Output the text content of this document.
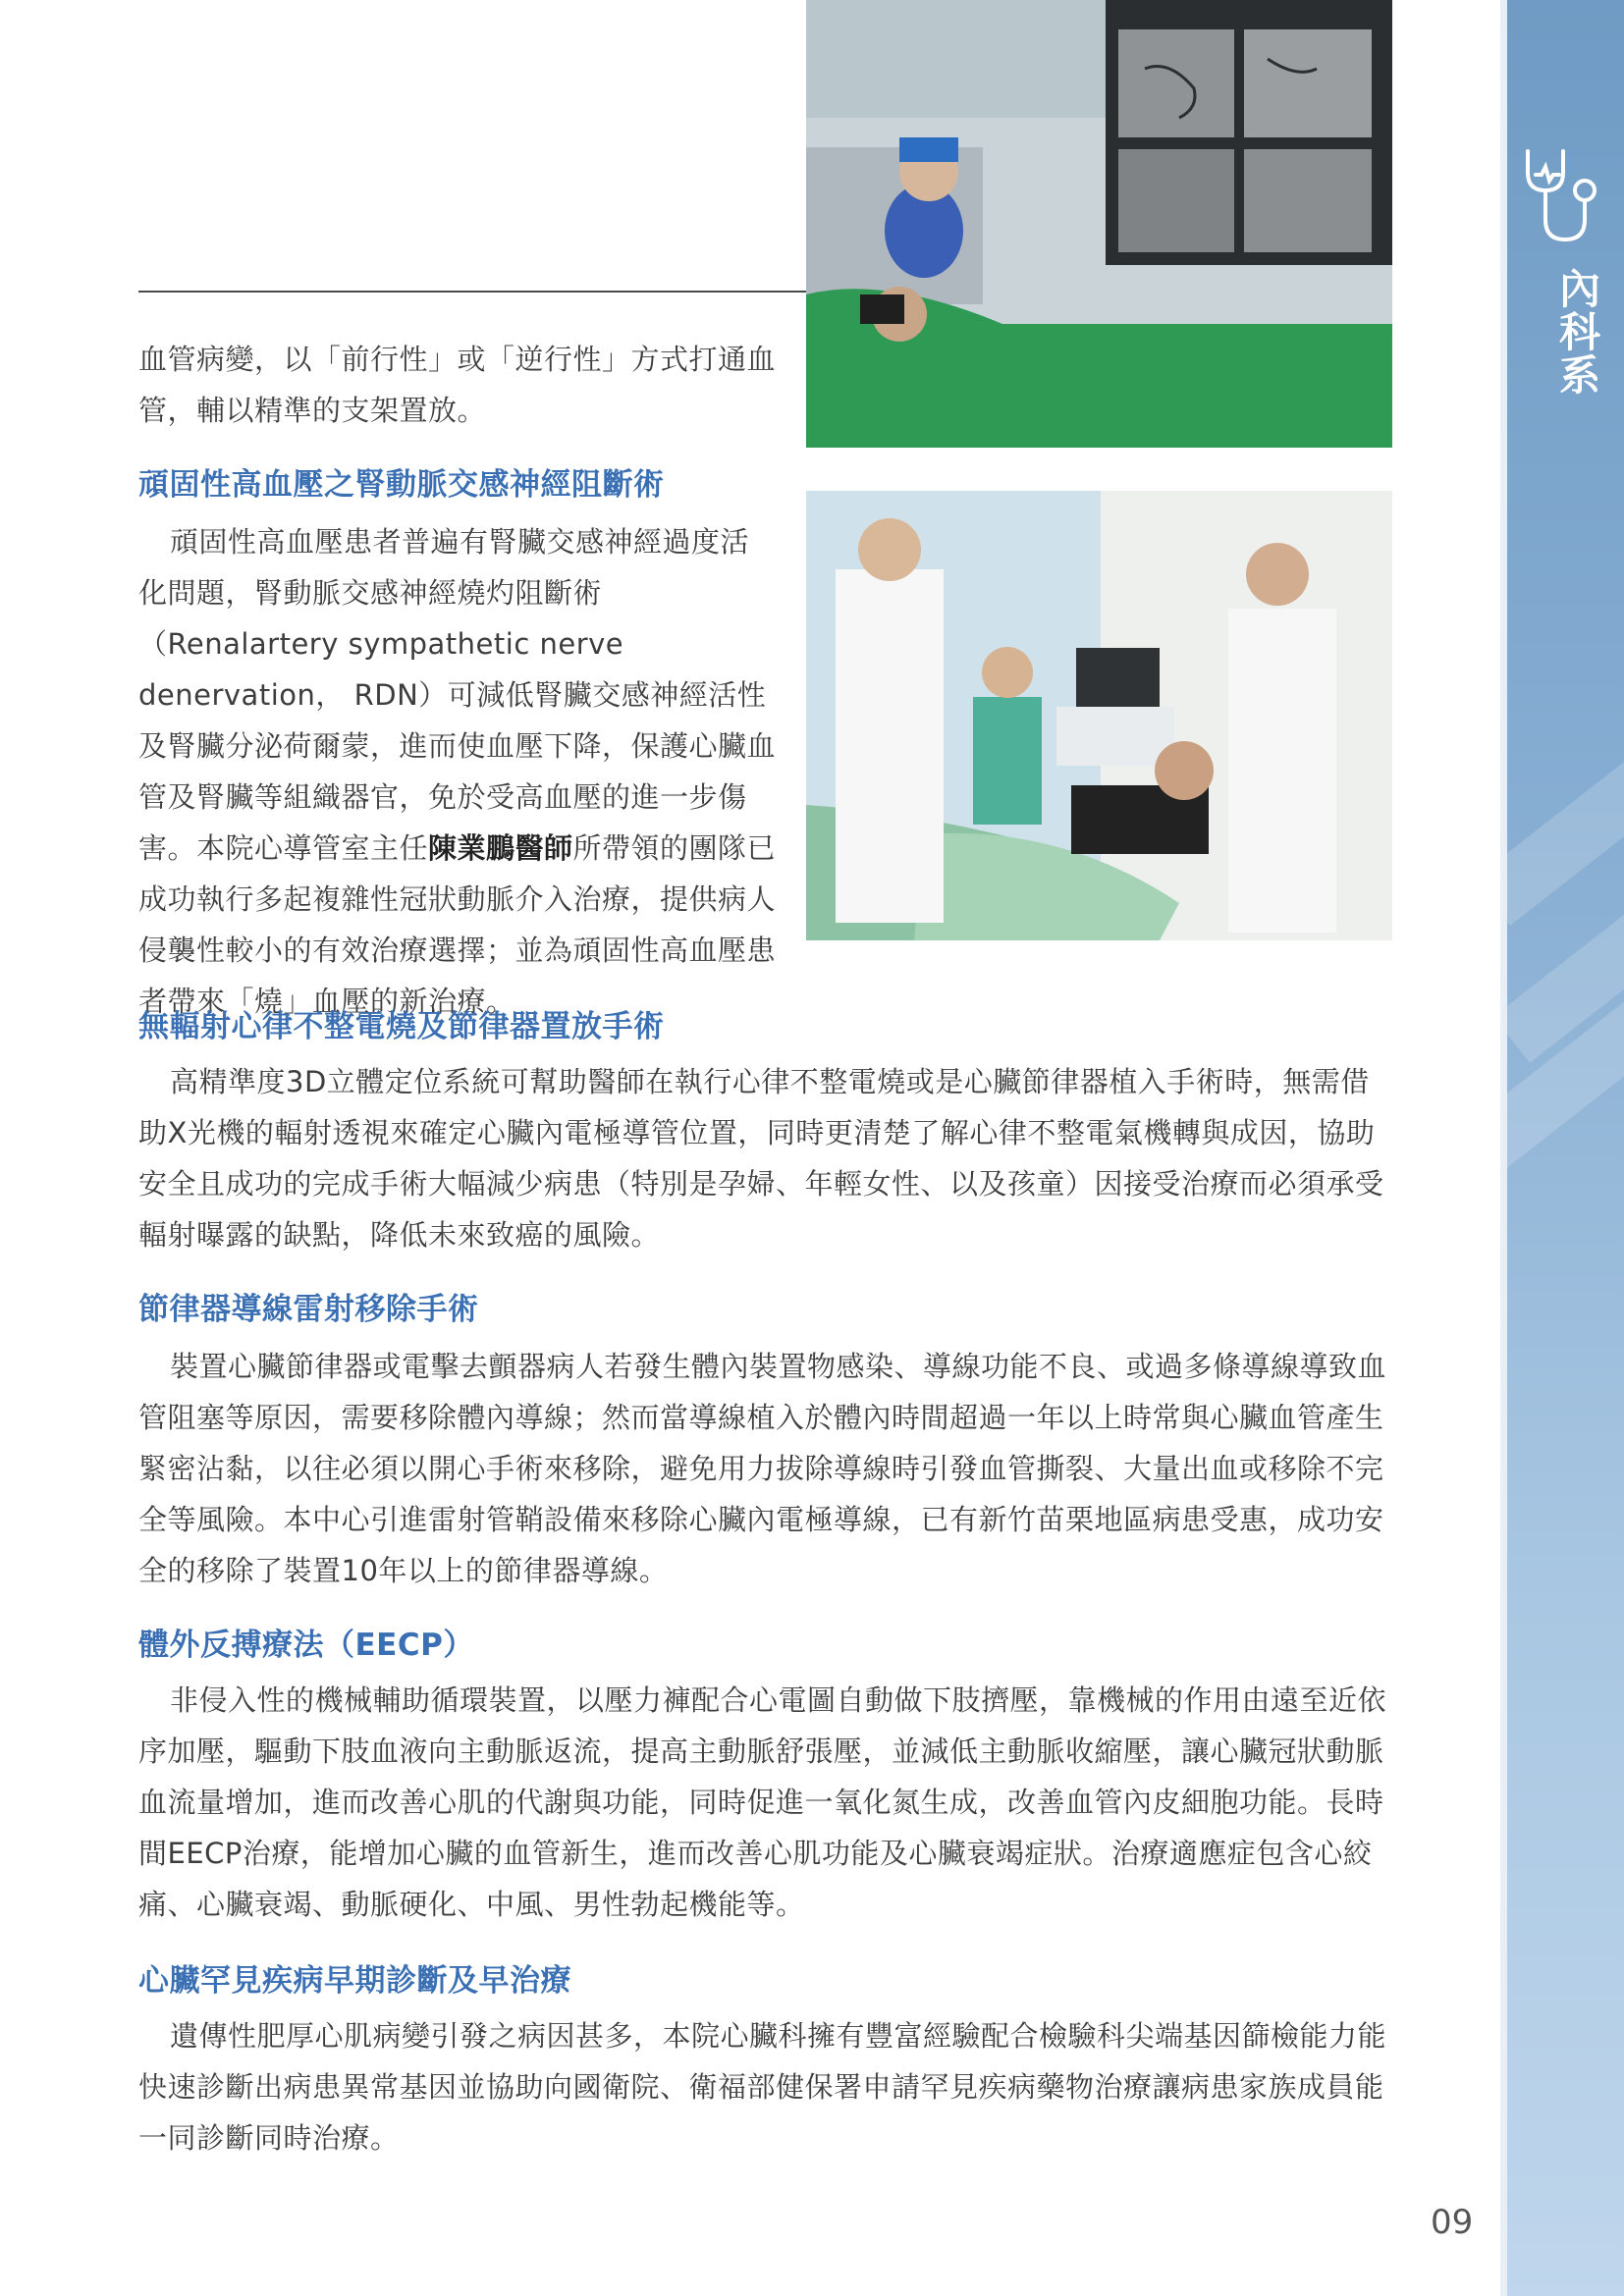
內科系
血管病變，以「前行性」或「逆行性」方式打通血管，輔以精準的支架置放。
頑固性高血壓之腎動脈交感神經阻斷術
頑固性高血壓患者普遍有腎臟交感神經過度活化問題，腎動脈交感神經燒灼阻斷術（Renalartery sympathetic nerve denervation， RDN）可減低腎臟交感神經活性及腎臟分泌荷爾蒙，進而使血壓下降，保護心臟血管及腎臟等組織器官，免於受高血壓的進一步傷害。本院心導管室主任陳業鵬醫師所帶領的團隊已成功執行多起複雜性冠狀動脈介入治療，提供病人侵襲性較小的有效治療選擇；並為頑固性高血壓患者帶來「燒」血壓的新治療。
無輻射心律不整電燒及節律器置放手術
高精準度3D立體定位系統可幫助醫師在執行心律不整電燒或是心臟節律器植入手術時，無需借助X光機的輻射透視來確定心臟內電極導管位置，同時更清楚了解心律不整電氣機轉與成因，協助安全且成功的完成手術大幅減少病患（特別是孕婦、年輕女性、以及孩童）因接受治療而必須承受輻射曝露的缺點，降低未來致癌的風險。
節律器導線雷射移除手術
裝置心臟節律器或電擊去顫器病人若發生體內裝置物感染、導線功能不良、或過多條導線導致血管阻塞等原因，需要移除體內導線；然而當導線植入於體內時間超過一年以上時常與心臟血管產生緊密沾黏，以往必須以開心手術來移除，避免用力拔除導線時引發血管撕裂、大量出血或移除不完全等風險。本中心引進雷射管鞘設備來移除心臟內電極導線，已有新竹苗栗地區病患受惠，成功安全的移除了裝置10年以上的節律器導線。
體外反搏療法（EECP）
非侵入性的機械輔助循環裝置，以壓力褲配合心電圖自動做下肢擠壓，靠機械的作用由遠至近依序加壓，驅動下肢血液向主動脈返流，提高主動脈舒張壓，並減低主動脈收縮壓，讓心臟冠狀動脈血流量增加，進而改善心肌的代謝與功能，同時促進一氧化氮生成，改善血管內皮細胞功能。長時間EECP治療，能增加心臟的血管新生，進而改善心肌功能及心臟衰竭症狀。治療適應症包含心絞痛、心臟衰竭、動脈硬化、中風、男性勃起機能等。
心臟罕見疾病早期診斷及早治療
遺傳性肥厚心肌病變引發之病因甚多，本院心臟科擁有豐富經驗配合檢驗科尖端基因篩檢能力能快速診斷出病患異常基因並協助向國衛院、衛福部健保署申請罕見疾病藥物治療讓病患家族成員能一同診斷同時治療。
09
